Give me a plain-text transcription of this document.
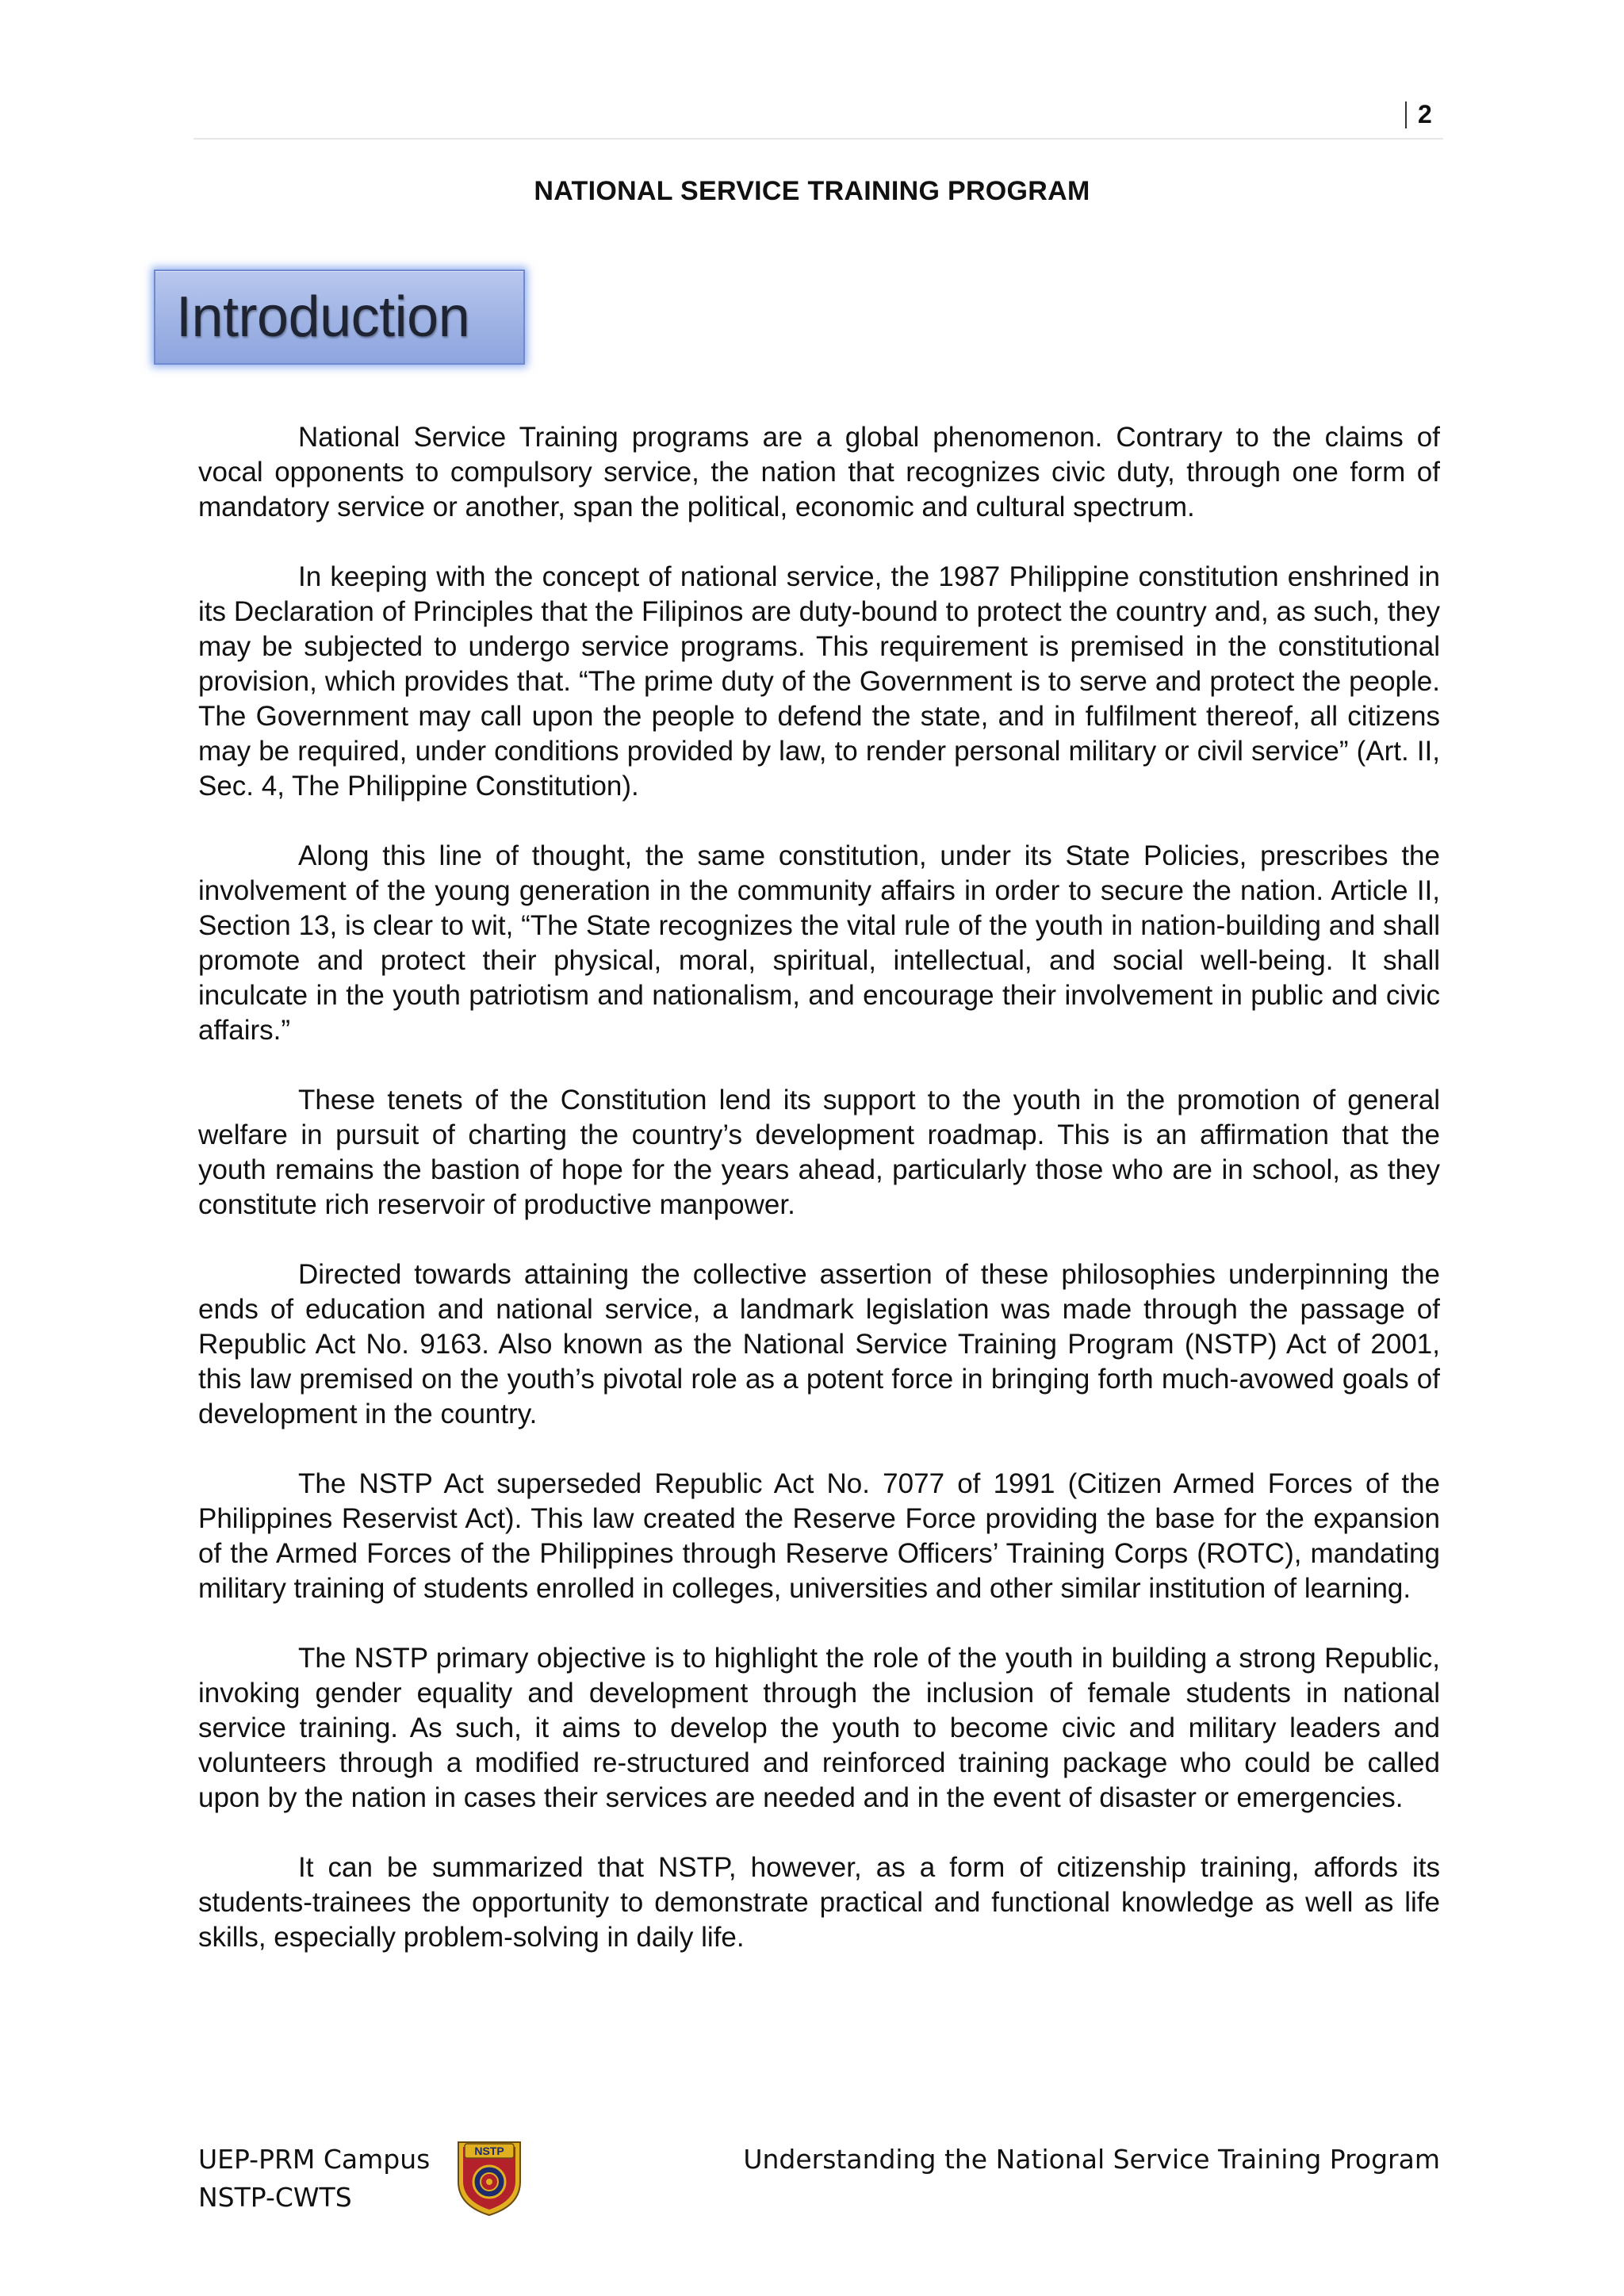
2
NATIONAL SERVICE TRAINING PROGRAM
Introduction

National Service Training programs are a global phenomenon. Contrary to the claims of vocal opponents to compulsory service, the nation that recognizes civic duty, through one form of mandatory service or another, span the political, economic and cultural spectrum.

In keeping with the concept of national service, the 1987 Philippine constitution enshrined in its Declaration of Principles that the Filipinos are duty-bound to protect the country and, as such, they may be subjected to undergo service programs. This requirement is premised in the constitutional provision, which provides that. “The prime duty of the Government is to serve and protect the people. The Government may call upon the people to defend the state, and in fulfilment thereof, all citizens may be required, under conditions provided by law, to render personal military or civil service” (Art. II, Sec. 4, The Philippine Constitution).

Along this line of thought, the same constitution, under its State Policies, prescribes the involvement of the young generation in the community affairs in order to secure the nation. Article II, Section 13, is clear to wit, “The State recognizes the vital rule of the youth in nation-building and shall promote and protect their physical, moral, spiritual, intellectual, and social well-being. It shall inculcate in the youth patriotism and nationalism, and encourage their involvement in public and civic affairs.”

These tenets of the Constitution lend its support to the youth in the promotion of general welfare in pursuit of charting the country’s development roadmap. This is an affirmation that the youth remains the bastion of hope for the years ahead, particularly those who are in school, as they constitute rich reservoir of productive manpower.

Directed towards attaining the collective assertion of these philosophies underpinning the ends of education and national service, a landmark legislation was made through the passage of Republic Act No. 9163. Also known as the National Service Training Program (NSTP) Act of 2001, this law premised on the youth’s pivotal role as a potent force in bringing forth much-avowed goals of development in the country.

The NSTP Act superseded Republic Act No. 7077 of 1991 (Citizen Armed Forces of the Philippines Reservist Act). This law created the Reserve Force providing the base for the expansion of the Armed Forces of the Philippines through Reserve Officers’ Training Corps (ROTC), mandating military training of students enrolled in colleges, universities and other similar institution of learning.

The NSTP primary objective is to highlight the role of the youth in building a strong Republic, invoking gender equality and development through the inclusion of female students in national service training. As such, it aims to develop the youth to become civic and military leaders and volunteers through a modified re-structured and reinforced training package who could be called upon by the nation in cases their services are needed and in the event of disaster or emergencies.

It can be summarized that NSTP, however, as a form of citizenship training, affords its students-trainees the opportunity to demonstrate practical and functional knowledge as well as life skills, especially problem-solving in daily life.

UEP-PRM Campus
NSTP-CWTS
NSTP	Understanding the National Service Training Program
